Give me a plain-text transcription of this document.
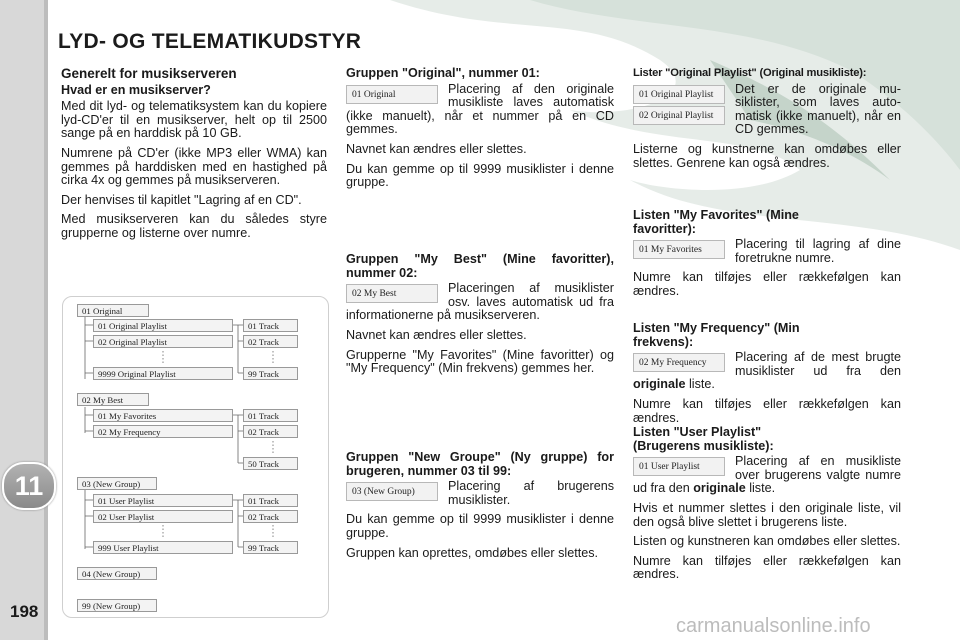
11
198
LYD- OG TELEMATIKUDSTYR
Generelt for musikserveren
Hvad er en musikserver?

Med dit lyd- og telematiksystem kan du kopiere lyd-CD'er til en musikserver, helt op til 2500 sange på en harddisk på 10 GB.

Numrene på CD'er (ikke MP3 eller WMA) kan gemmes på harddisken med en hastighed på cirka 4x og gemmes på musikserveren.

Der henvises til kapitlet "Lagring af en CD".

Med musikserveren kan du således styre grupperne og listerne over numre.

01 Original
01 Original Playlist
02 Original Playlist
9999 Original Playlist
01 Track
02 Track
99 Track
02 My Best
01 My Favorites
02 My Frequency
01 Track
02 Track
50 Track
03 (New Group)
01 User Playlist
02 User Playlist
999 User Playlist
01 Track
02 Track
99 Track
04 (New Group)
99 (New Group)
Gruppen "Original", nummer 01:
01 Original	Placering af den originale musikliste laves automatisk (ikke manuelt), når et nummer på en CD gemmes.

Navnet kan ændres eller slettes.

Du kan gemme op til 9999 musiklister i denne gruppe.

Gruppen "My Best" (Mine favoritter), nummer 02:
02 My Best	Placeringen af musiklister osv. laves automatisk ud fra informationerne på musikserveren.

Navnet kan ændres eller slettes.

Grupperne "My Favorites" (Mine favoritter) og "My Frequency" (Min frekvens) gemmes her.

Gruppen "New Groupe" (Ny gruppe) for brugeren, nummer 03 til 99:
03 (New Group)	Placering af brugerens musiklister.

Du kan gemme op til 9999 musiklister i denne gruppe.

Gruppen kan oprettes, omdøbes eller slettes.

Lister "Original Playlist" (Original musikliste):
01 Original Playlist
02 Original Playlist

Det er de originale musiklister, som laves automatisk (ikke manuelt), når en CD gemmes.

Listerne og kunstnerne kan omdøbes eller slettes. Genrene kan også ændres.

Listen "My Favorites" (Mine favoritter):
01 My Favorites	Placering til lagring af dine foretrukne numre.

Numre kan tilføjes eller rækkefølgen kan ændres.

Listen "My Frequency" (Min frekvens):
02 My Frequency	Placering af de mest brugte musiklister ud fra den originale liste.

Numre kan tilføjes eller rækkefølgen kan ændres.

Listen "User Playlist" (Brugerens musikliste):
01 User Playlist	Placering af en musikliste over brugerens valgte numre ud fra den originale liste.

Hvis et nummer slettes i den originale liste, vil den også blive slettet i brugerens liste.

Listen og kunstneren kan omdøbes eller slettes.

Numre kan tilføjes eller rækkefølgen kan ændres.

carmanualsonline.info
